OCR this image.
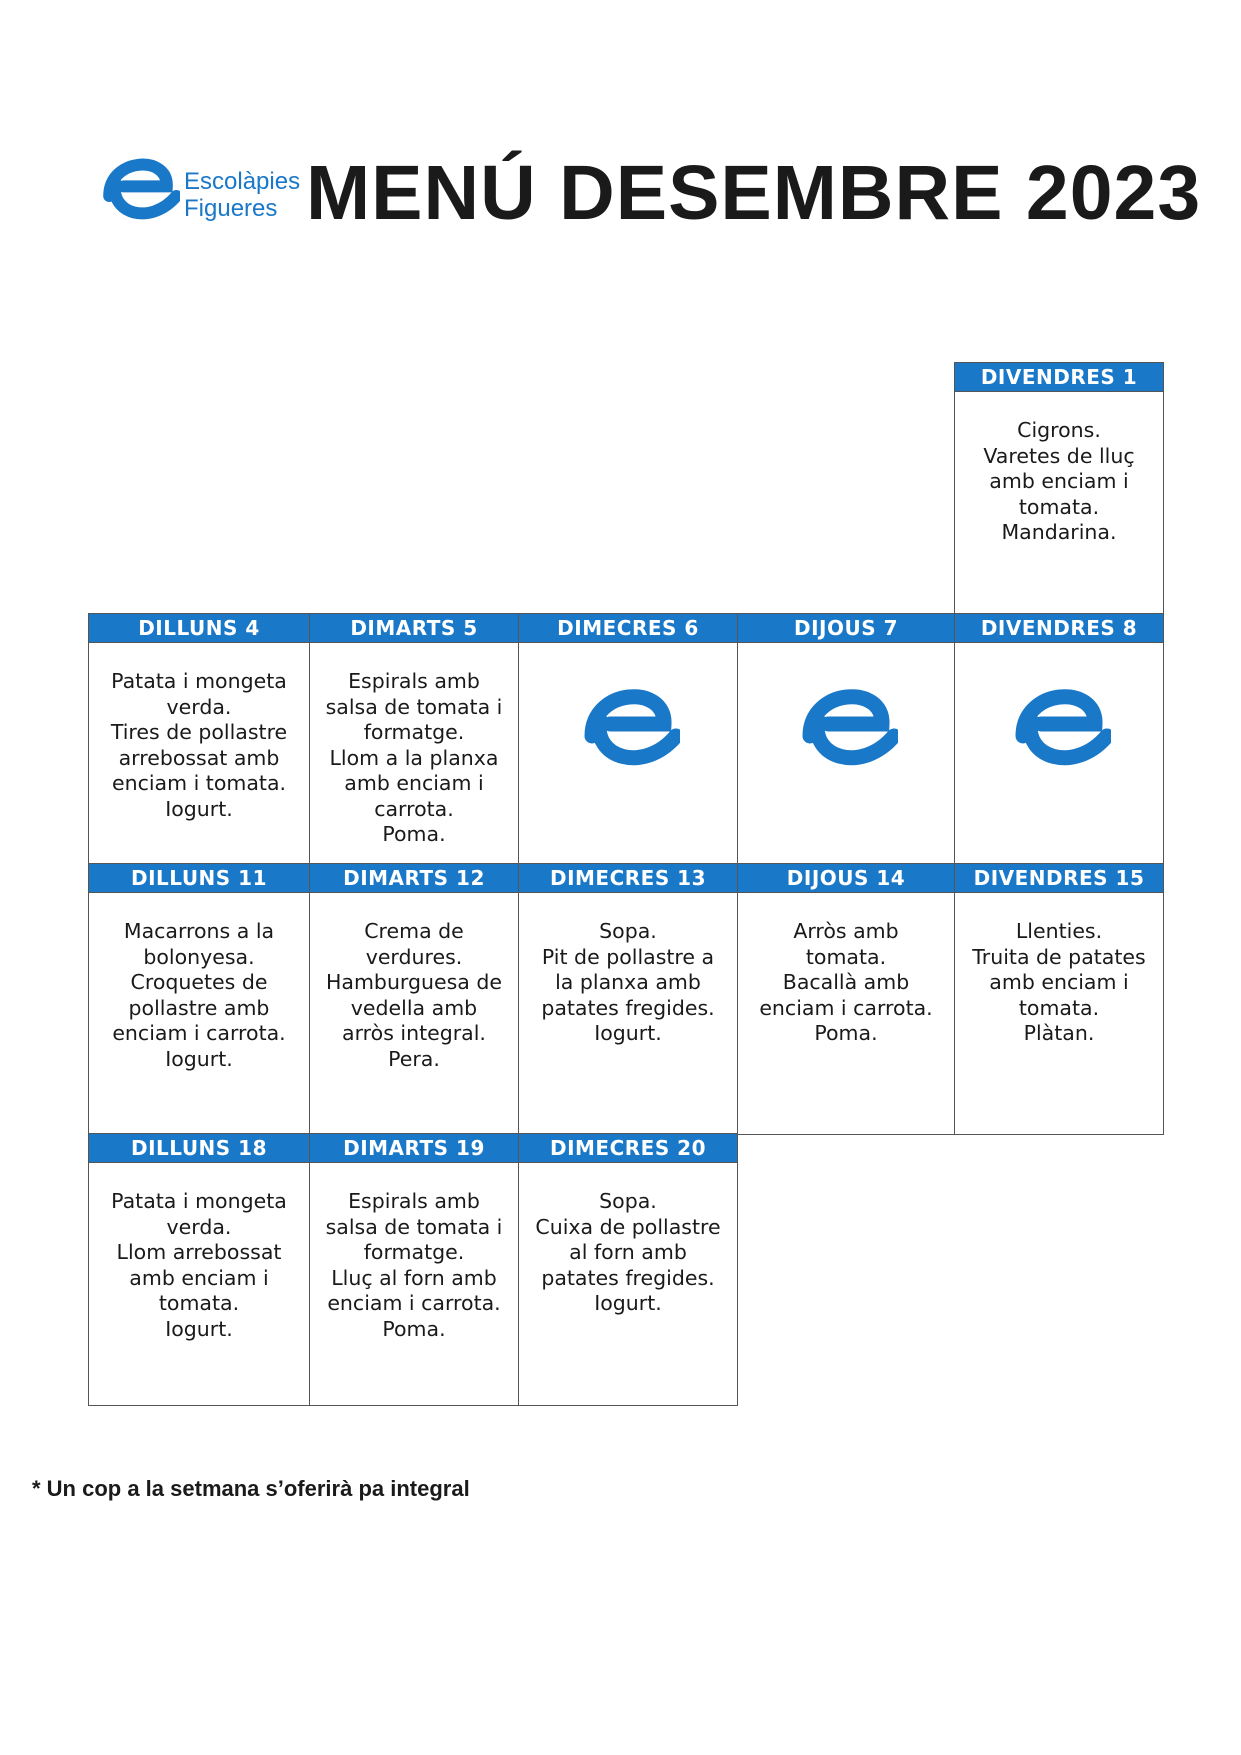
Escolàpies
Figueres MENÚ DESEMBRE 2023
DIVENDRES 1
Cigrons.
Varetes de lluç
amb enciam i
tomata.
Mandarina.
DILLUNS 4
Patata i mongeta
verda.
Tires de pollastre
arrebossat amb
enciam i tomata.
Iogurt.
DIMARTS 5
Espirals amb
salsa de tomata i
formatge.
Llom a la planxa
amb enciam i
carrota.
Poma.
DIMECRES 6	DIJOUS 7	DIVENDRES 8
DILLUNS 11
Macarrons a la
bolonyesa.
Croquetes de
pollastre amb
enciam i carrota.
Iogurt.
DIMARTS 12
Crema de
verdures.
Hamburguesa de
vedella amb
arròs integral.
Pera.
DIMECRES 13
Sopa.
Pit de pollastre a
la planxa amb
patates fregides.
Iogurt.
DIJOUS 14
Arròs amb
tomata.
Bacallà amb
enciam i carrota.
Poma.
DIVENDRES 15
Llenties.
Truita de patates
amb enciam i
tomata.
Plàtan.
DILLUNS 18
Patata i mongeta
verda.
Llom arrebossat
amb enciam i
tomata.
Iogurt.
DIMARTS 19
Espirals amb
salsa de tomata i
formatge.
Lluç al forn amb
enciam i carrota.
Poma.
DIMECRES 20
Sopa.
Cuixa de pollastre
al forn amb
patates fregides.
Iogurt.
* Un cop a la setmana s’oferirà pa integral
